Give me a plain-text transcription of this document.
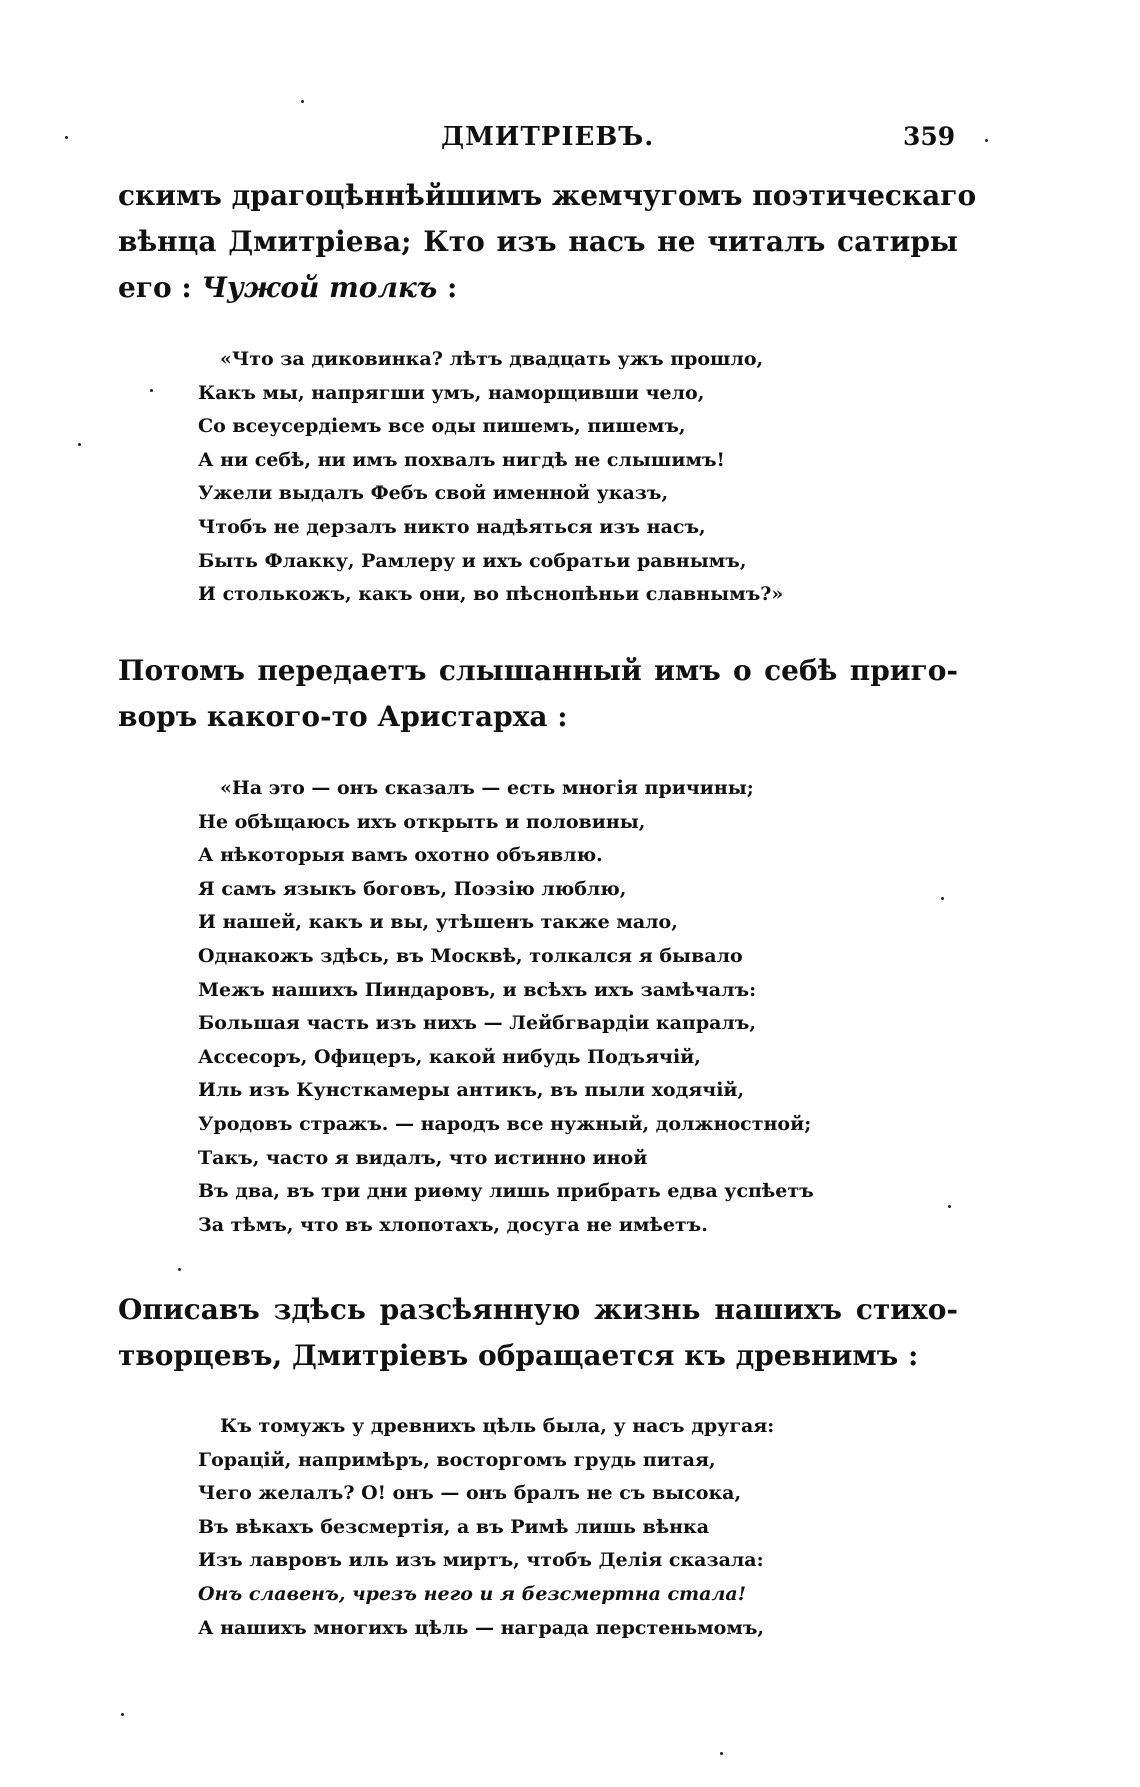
ДМИТРІЕВЪ.	359
скимъ драгоцѣннѣйшимъ жемчугомъ поэтическаго
вѣнца Дмитріева; Кто изъ насъ не читалъ сатиры
его : Чужой толкъ :
«Что за диковинка? лѣтъ двадцать ужъ прошло,
Какъ мы, напрягши умъ, наморщивши чело,
Со всеусердіемъ все оды пишемъ, пишемъ,
А ни себѣ, ни имъ похвалъ нигдѣ не слышимъ!
Ужели выдалъ Фебъ свой именной указъ,
Чтобъ не дерзалъ никто надѣяться изъ насъ,
Быть Флакку, Рамлеру и ихъ собратьи равнымъ,
И столькожъ, какъ они, во пѣснопѣньи славнымъ?»
Потомъ передаетъ слышанный имъ о себѣ приго-
воръ какого-то Аристарха :
«На это — онъ сказалъ — есть многія причины;
Не обѣщаюсь ихъ открыть и половины,
А нѣкоторыя вамъ охотно объявлю.
Я самъ языкъ боговъ, Поэзію люблю,
И нашей, какъ и вы, утѣшенъ также мало,
Однакожъ здѣсь, въ Москвѣ, толкался я бывало
Межъ нашихъ Пиндаровъ, и всѣхъ ихъ замѣчалъ:
Большая часть изъ нихъ — Лейбгвардіи капралъ,
Ассесоръ, Офицеръ, какой нибудь Подъячій,
Иль изъ Кунсткамеры антикъ, въ пыли ходячій,
Уродовъ стражъ. — народъ все нужный, должностной;
Такъ, часто я видалъ, что истинно иной
Въ два, въ три дни риѳму лишь прибрать едва успѣетъ
За тѣмъ, что въ хлопотахъ, досуга не имѣетъ.
Описавъ здѣсь разсѣянную жизнь нашихъ стихо-
творцевъ, Дмитріевъ обращается къ древнимъ :
Къ томужъ у древнихъ цѣль была, у насъ другая:
Горацій, напримѣръ, восторгомъ грудь питая,
Чего желалъ? О! онъ — онъ бралъ не съ высока,
Въ вѣкахъ безсмертія, а въ Римѣ лишь вѣнка
Изъ лавровъ иль изъ миртъ, чтобъ Делія сказала:
Онъ славенъ, чрезъ него и я безсмертна стала!
А нашихъ многихъ цѣль — награда перстеньмомъ,
